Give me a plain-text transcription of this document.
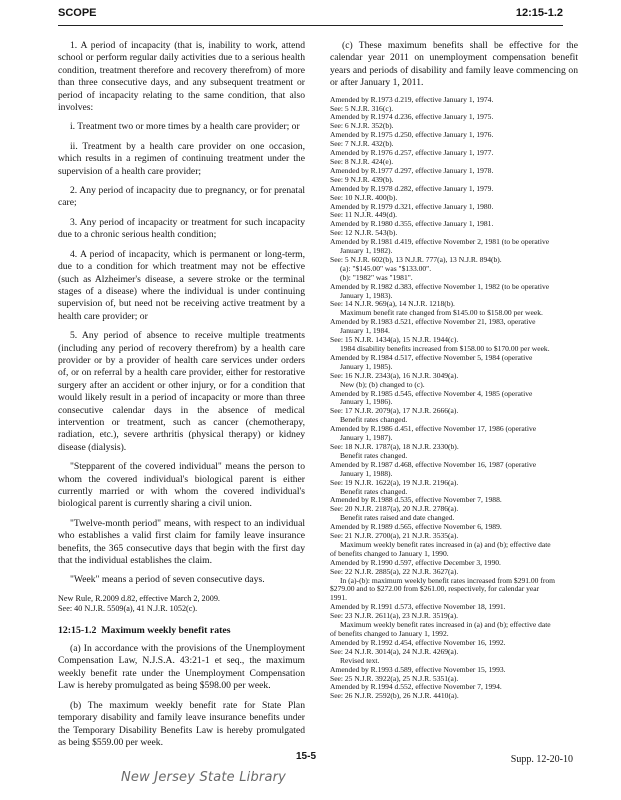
SCOPE	12:15-1.2

1. A period of incapacity (that is, inability to work, attend school or perform regular daily activities due to a serious health condition, treatment therefore and recovery therefrom) of more than three consecutive days, and any subsequent treatment or period of incapacity relating to the same condition, that also involves:

i. Treatment two or more times by a health care provider; or

ii. Treatment by a health care provider on one occasion, which results in a regimen of continuing treatment under the supervision of a health care provider;

2. Any period of incapacity due to pregnancy, or for prenatal care;

3. Any period of incapacity or treatment for such incapacity due to a chronic serious health condition;

4. A period of incapacity, which is permanent or long-term, due to a condition for which treatment may not be effective (such as Alzheimer's disease, a severe stroke or the terminal stages of a disease) where the individual is under continuing supervision of, but need not be receiving active treatment by a health care provider; or

5. Any period of absence to receive multiple treatments (including any period of recovery therefrom) by a health care provider or by a provider of health care services under orders of, or on referral by a health care provider, either for restorative surgery after an accident or other injury, or for a condition that would likely result in a period of incapacity or more than three consecutive calendar days in the absence of medical intervention or treatment, such as cancer (chemotherapy, radiation, etc.), severe arthritis (physical therapy) or kidney disease (dialysis).

"Stepparent of the covered individual" means the person to whom the covered individual's biological parent is either currently married or with whom the covered individual's biological parent is currently sharing a civil union.

"Twelve-month period" means, with respect to an individual who establishes a valid first claim for family leave insurance benefits, the 365 consecutive days that begin with the first day that the individual establishes the claim.

"Week" means a period of seven consecutive days.

New Rule, R.2009 d.82, effective March 2, 2009.
See: 40 N.J.R. 5509(a), 41 N.J.R. 1052(c).

12:15-1.2 Maximum weekly benefit rates

(a) In accordance with the provisions of the Unemployment Compensation Law, N.J.S.A. 43:21-1 et seq., the maximum weekly benefit rate under the Unemployment Compensation Law is hereby promulgated as being $598.00 per week.

(b) The maximum weekly benefit rate for State Plan temporary disability and family leave insurance benefits under the Temporary Disability Benefits Law is hereby promulgated as being $559.00 per week.

(c) These maximum benefits shall be effective for the calendar year 2011 on unemployment compensation benefit years and periods of disability and family leave commencing on or after January 1, 2011.

Amended by R.1973 d.219, effective January 1, 1974.
See: 5 N.J.R. 316(c).
Amended by R.1974 d.236, effective January 1, 1975.
See: 6 N.J.R. 352(b).
Amended by R.1975 d.250, effective January 1, 1976.
See: 7 N.J.R. 432(b).
Amended by R.1976 d.257, effective January 1, 1977.
See: 8 N.J.R. 424(e).
Amended by R.1977 d.297, effective January 1, 1978.
See: 9 N.J.R. 439(b).
Amended by R.1978 d.282, effective January 1, 1979.
See: 10 N.J.R. 400(b).
Amended by R.1979 d.321, effective January 1, 1980.
See: 11 N.J.R. 449(d).
Amended by R.1980 d.355, effective January 1, 1981.
See: 12 N.J.R. 543(b).
Amended by R.1981 d.419, effective November 2, 1981 (to be operative
January 1, 1982).
See: 5 N.J.R. 602(b), 13 N.J.R. 777(a), 13 N.J.R. 894(b).
(a): "$145.00" was "$133.00".
(b): "1982" was "1981".
Amended by R.1982 d.383, effective November 1, 1982 (to be operative
January 1, 1983).
See: 14 N.J.R. 969(a), 14 N.J.R. 1218(b).
Maximum benefit rate changed from $145.00 to $158.00 per week.
Amended by R.1983 d.521, effective November 21, 1983, operative
January 1, 1984.
See: 15 N.J.R. 1434(a), 15 N.J.R. 1944(c).
1984 disability benefits increased from $158.00 to $170.00 per week.
Amended by R.1984 d.517, effective November 5, 1984 (operative
January 1, 1985).
See: 16 N.J.R. 2343(a), 16 N.J.R. 3049(a).
New (b); (b) changed to (c).
Amended by R.1985 d.545, effective November 4, 1985 (operative
January 1, 1986).
See: 17 N.J.R. 2079(a), 17 N.J.R. 2666(a).
Benefit rates changed.
Amended by R.1986 d.451, effective November 17, 1986 (operative
January 1, 1987).
See: 18 N.J.R. 1787(a), 18 N.J.R. 2330(b).
Benefit rates changed.
Amended by R.1987 d.468, effective November 16, 1987 (operative
January 1, 1988).
See: 19 N.J.R. 1622(a), 19 N.J.R. 2196(a).
Benefit rates changed.
Amended by R.1988 d.535, effective November 7, 1988.
See: 20 N.J.R. 2187(a), 20 N.J.R. 2786(a).
Benefit rates raised and date changed.
Amended by R.1989 d.565, effective November 6, 1989.
See: 21 N.J.R. 2700(a), 21 N.J.R. 3535(a).
Maximum weekly benefit rates increased in (a) and (b); effective date
of benefits changed to January 1, 1990.
Amended by R.1990 d.597, effective December 3, 1990.
See: 22 N.J.R. 2885(a), 22 N.J.R. 3627(a).
In (a)-(b): maximum weekly benefit rates increased from $291.00 from
$279.00 and to $272.00 from $261.00, respectively, for calendar year
1991.
Amended by R.1991 d.573, effective November 18, 1991.
See: 23 N.J.R. 2611(a), 23 N.J.R. 3519(a).
Maximum weekly benefit rates increased in (a) and (b); effective date
of benefits changed to January 1, 1992.
Amended by R.1992 d.454, effective November 16, 1992.
See: 24 N.J.R. 3014(a), 24 N.J.R. 4269(a).
Revised text.
Amended by R.1993 d.589, effective November 15, 1993.
See: 25 N.J.R. 3922(a), 25 N.J.R. 5351(a).
Amended by R.1994 d.552, effective November 7, 1994.
See: 26 N.J.R. 2592(b), 26 N.J.R. 4410(a).
15-5	Supp. 12-20-10
New Jersey State Library
